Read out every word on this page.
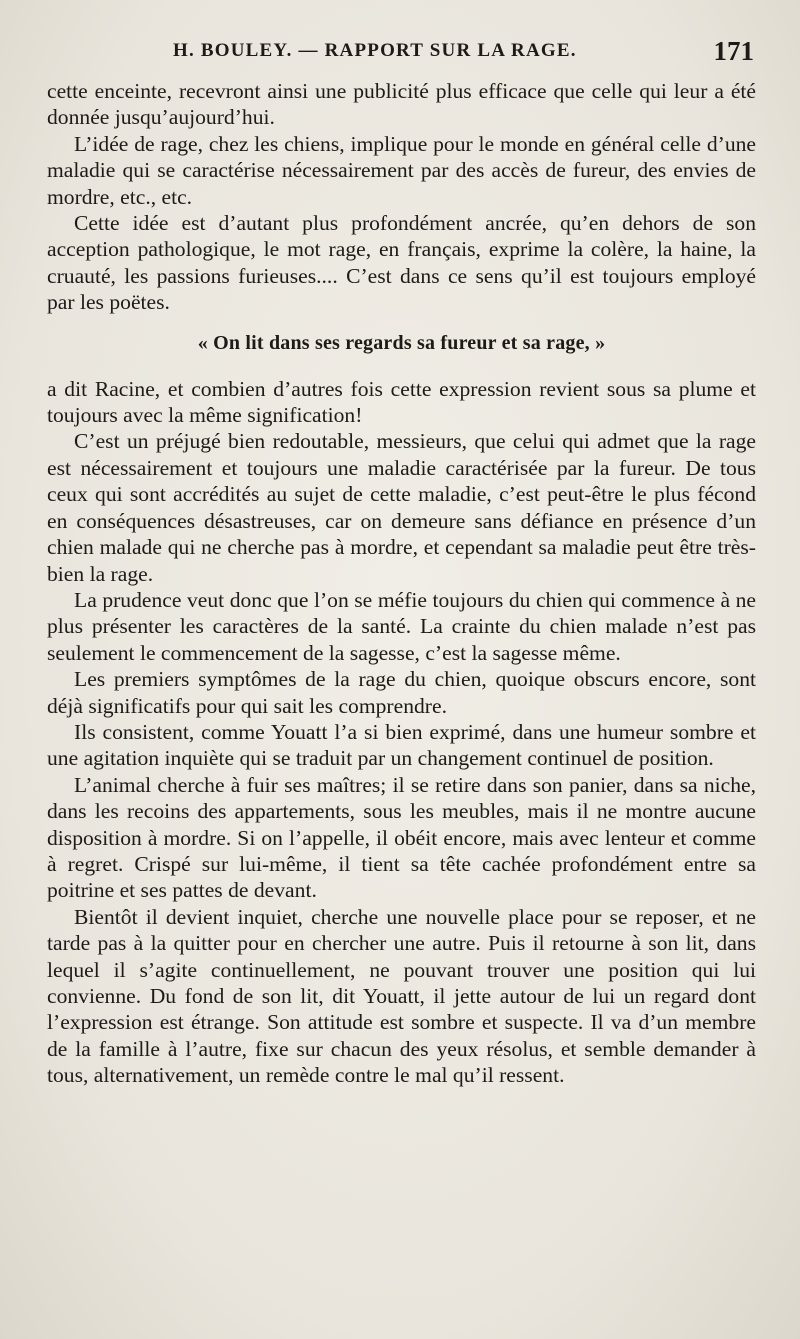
H. BOULEY. — RAPPORT SUR LA RAGE.	171

cette enceinte, recevront ainsi une publicité plus efficace que celle qui leur a été donnée jusqu’aujourd’hui.

L’idée de rage, chez les chiens, implique pour le monde en général celle d’une maladie qui se caractérise nécessairement par des accès de fureur, des envies de mordre, etc., etc.

Cette idée est d’autant plus profondément ancrée, qu’en dehors de son acception pathologique, le mot rage, en français, exprime la colère, la haine, la cruauté, les passions furieuses.... C’est dans ce sens qu’il est toujours employé par les poëtes.

« On lit dans ses regards sa fureur et sa rage, »

a dit Racine, et combien d’autres fois cette expression revient sous sa plume et toujours avec la même signification!

C’est un préjugé bien redoutable, messieurs, que celui qui admet que la rage est nécessairement et toujours une maladie caractérisée par la fureur. De tous ceux qui sont accrédités au sujet de cette maladie, c’est peut-être le plus fécond en conséquences désastreuses, car on demeure sans défiance en présence d’un chien malade qui ne cherche pas à mordre, et cependant sa maladie peut être très-bien la rage.

La prudence veut donc que l’on se méfie toujours du chien qui commence à ne plus présenter les caractères de la santé. La crainte du chien malade n’est pas seulement le commencement de la sagesse, c’est la sagesse même.

Les premiers symptômes de la rage du chien, quoique obscurs encore, sont déjà significatifs pour qui sait les comprendre.

Ils consistent, comme Youatt l’a si bien exprimé, dans une humeur sombre et une agitation inquiète qui se traduit par un changement continuel de position.

L’animal cherche à fuir ses maîtres; il se retire dans son panier, dans sa niche, dans les recoins des appartements, sous les meubles, mais il ne montre aucune disposition à mordre. Si on l’appelle, il obéit encore, mais avec lenteur et comme à regret. Crispé sur lui-même, il tient sa tête cachée profondément entre sa poitrine et ses pattes de devant.

Bientôt il devient inquiet, cherche une nouvelle place pour se reposer, et ne tarde pas à la quitter pour en chercher une autre. Puis il retourne à son lit, dans lequel il s’agite continuellement, ne pouvant trouver une position qui lui convienne. Du fond de son lit, dit Youatt, il jette autour de lui un regard dont l’expression est étrange. Son attitude est sombre et suspecte. Il va d’un membre de la famille à l’autre, fixe sur chacun des yeux résolus, et semble demander à tous, alternativement, un remède contre le mal qu’il ressent.
